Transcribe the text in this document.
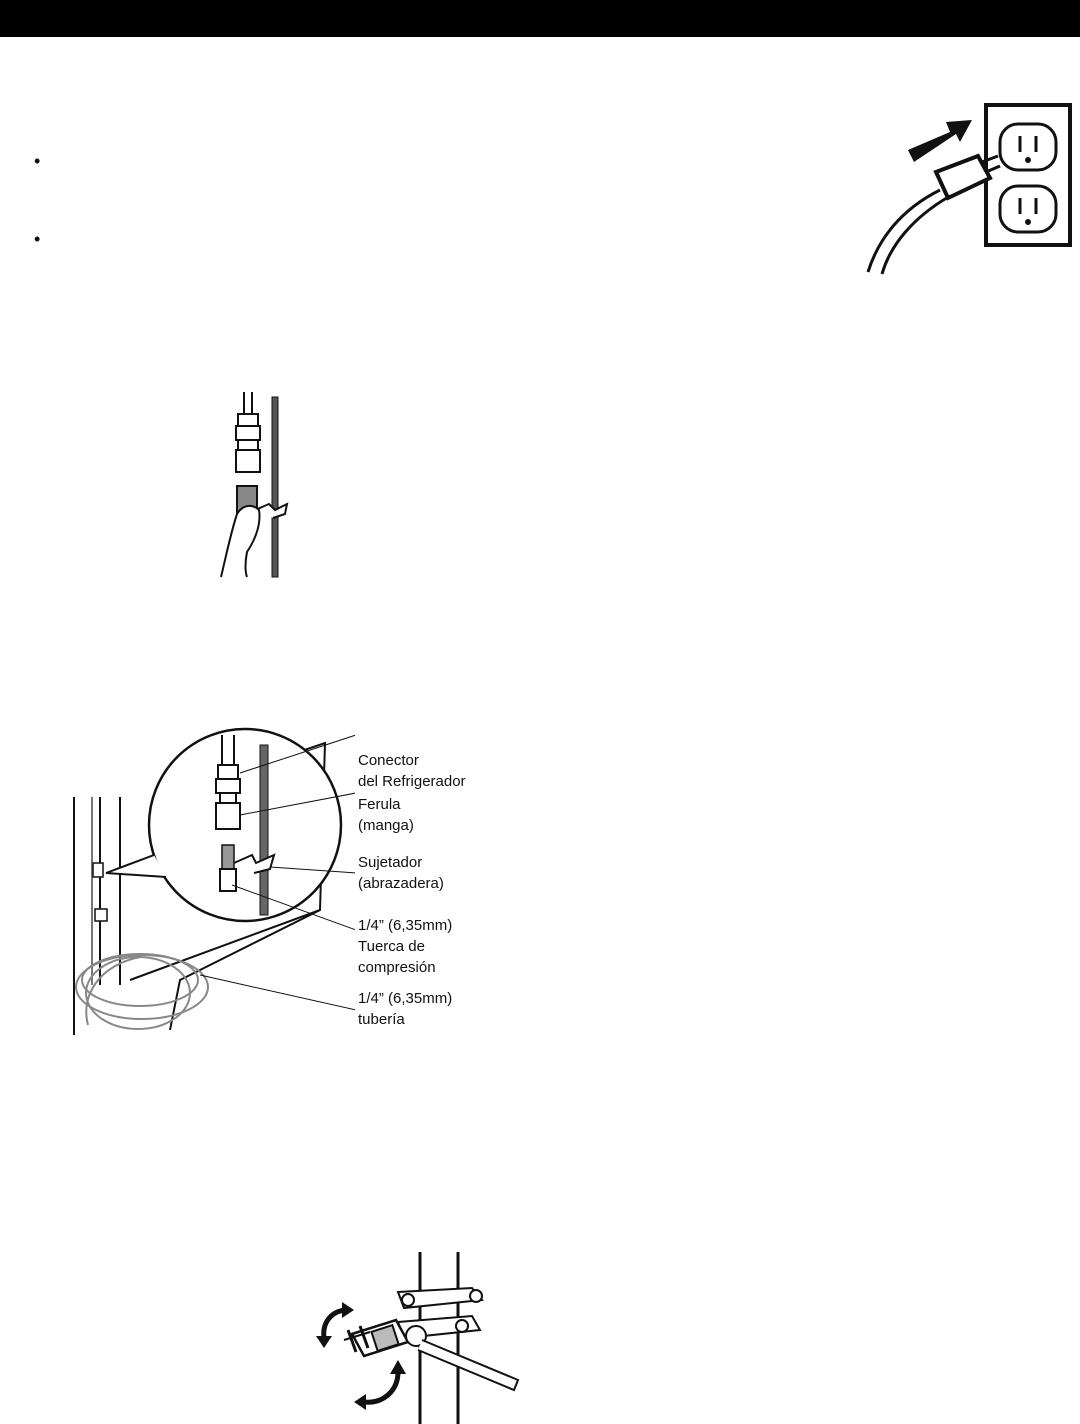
•
•
Conector
del Refrigerador
Ferula
(manga)
Sujetador
(abrazadera)
1/4” (6,35mm)
Tuerca de
compresión
1/4” (6,35mm)
tubería
